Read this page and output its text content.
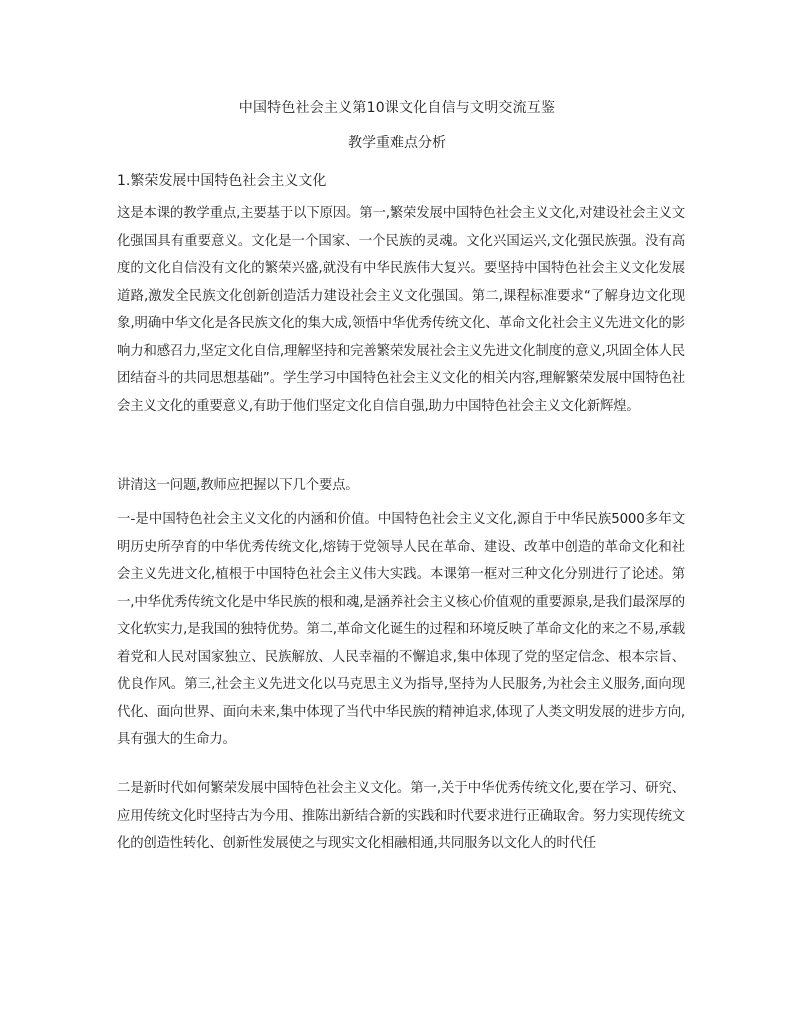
中国特色社会主义第10课文化自信与文明交流互鉴
教学重难点分析
1.繁荣发展中国特色社会主义文化

这是本课的教学重点,主要基于以下原因。第一,繁荣发展中国特色社会主义文化,对建设社会主义文化强国具有重要意义。文化是一个国家、一个民族的灵魂。文化兴国运兴,文化强民族强。没有高度的文化自信没有文化的繁荣兴盛,就没有中华民族伟大复兴。要坚持中国特色社会主义文化发展道路,激发全民族文化创新创造活力建设社会主义文化强国。第二,课程标准要求“了解身边文化现象,明确中华文化是各民族文化的集大成,领悟中华优秀传统文化、革命文化社会主义先进文化的影响力和感召力,坚定文化自信,理解坚持和完善繁荣发展社会主义先进文化制度的意义,巩固全体人民团结奋斗的共同思想基础”。学生学习中国特色社会主义文化的相关内容,理解繁荣发展中国特色社会主义文化的重要意义,有助于他们坚定文化自信自强,助力中国特色社会主义文化新辉煌。

讲清这一问题,教师应把握以下几个要点。

一-是中国特色社会主义文化的内涵和价值。中国特色社会主义文化,源自于中华民族5000多年文明历史所孕育的中华优秀传统文化,熔铸于党领导人民在革命、建设、改革中创造的革命文化和社会主义先进文化,植根于中国特色社会主义伟大实践。本课第一框对三种文化分别进行了论述。第一,中华优秀传统文化是中华民族的根和魂,是涵养社会主义核心价值观的重要源泉,是我们最深厚的文化软实力,是我国的独特优势。第二,革命文化诞生的过程和环境反映了革命文化的来之不易,承载着党和人民对国家独立、民族解放、人民幸福的不懈追求,集中体现了党的坚定信念、根本宗旨、优良作风。第三,社会主义先进文化以马克思主义为指导,坚持为人民服务,为社会主义服务,面向现代化、面向世界、面向未来,集中体现了当代中华民族的精神追求,体现了人类文明发展的进步方向,具有强大的生命力。

二是新时代如何繁荣发展中国特色社会主义文化。第一,关于中华优秀传统文化,要在学习、研究、应用传统文化时坚持古为今用、推陈出新结合新的实践和时代要求进行正确取舍。努力实现传统文化的创造性转化、创新性发展使之与现实文化相融相通,共同服务以文化人的时代任
